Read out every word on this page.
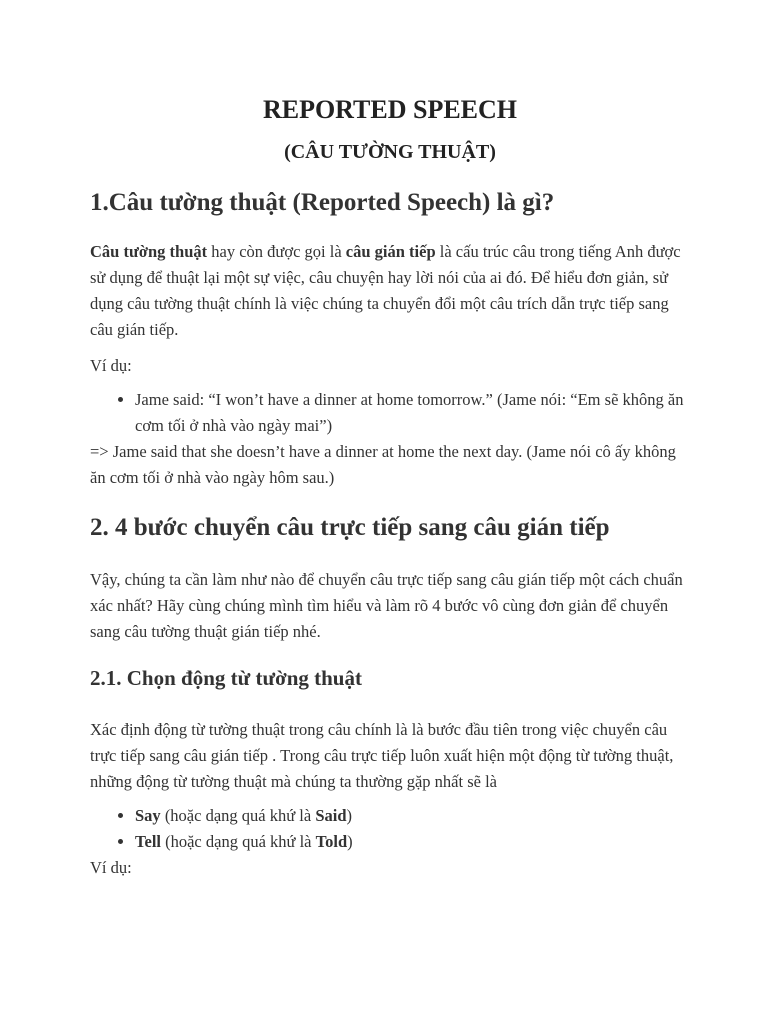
REPORTED SPEECH
(CÂU TƯỜNG THUẬT)
1.Câu tường thuật (Reported Speech) là gì?

Câu tường thuật hay còn được gọi là câu gián tiếp là cấu trúc câu trong tiếng Anh được sử dụng để thuật lại một sự việc, câu chuyện hay lời nói của ai đó. Để hiểu đơn giản, sử dụng câu tường thuật chính là việc chúng ta chuyển đổi một câu trích dẫn trực tiếp sang câu gián tiếp.

Ví dụ:

• Jame said: “I won’t have a dinner at home tomorrow.” (Jame nói: “Em sẽ không ăn cơm tối ở nhà vào ngày mai”)

=> Jame said that she doesn’t have a dinner at home the next day. (Jame nói cô ấy không ăn cơm tối ở nhà vào ngày hôm sau.)

2. 4 bước chuyển câu trực tiếp sang câu gián tiếp

Vậy, chúng ta cần làm như nào để chuyển câu trực tiếp sang câu gián tiếp một cách chuẩn xác nhất? Hãy cùng chúng mình tìm hiểu và làm rõ 4 bước vô cùng đơn giản để chuyển sang câu tường thuật gián tiếp nhé.

2.1. Chọn động từ tường thuật

Xác định động từ tường thuật trong câu chính là là bước đầu tiên trong việc chuyển câu trực tiếp sang câu gián tiếp . Trong câu trực tiếp luôn xuất hiện một động từ tường thuật, những động từ tường thuật mà chúng ta thường gặp nhất sẽ là

• Say (hoặc dạng quá khứ là Said)
• Tell (hoặc dạng quá khứ là Told)

Ví dụ:
